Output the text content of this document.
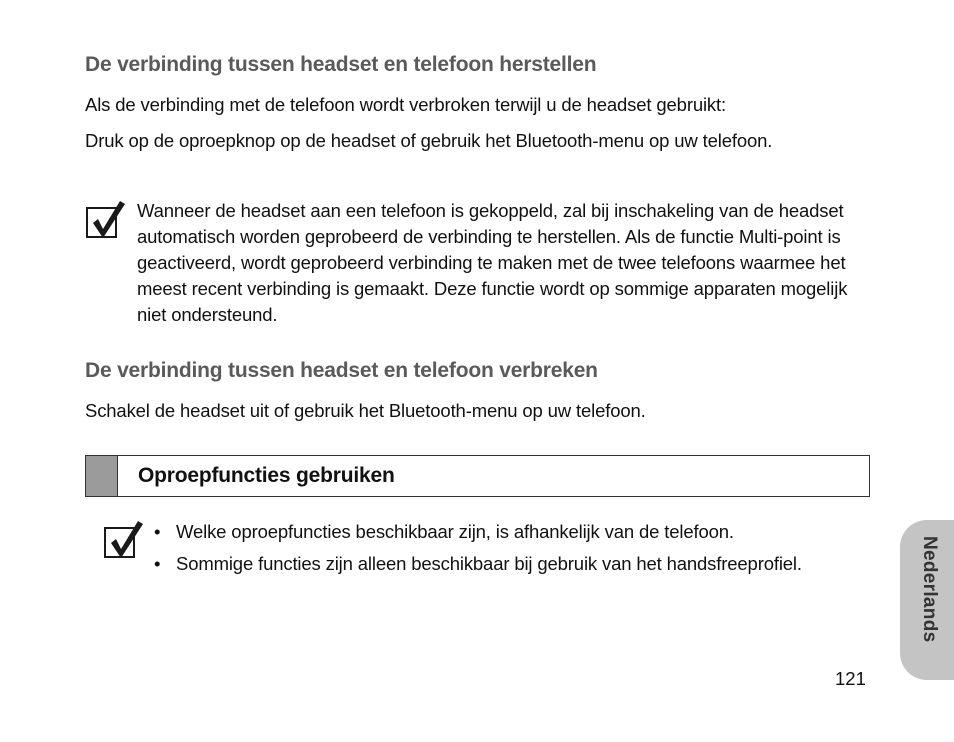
De verbinding tussen headset en telefoon herstellen
Als de verbinding met de telefoon wordt verbroken terwijl u de headset gebruikt:
Druk op de oproepknop op de headset of gebruik het Bluetooth-menu op uw telefoon.
Wanneer de headset aan een telefoon is gekoppeld, zal bij inschakeling van de headset automatisch worden geprobeerd de verbinding te herstellen. Als de functie Multi-point is geactiveerd, wordt geprobeerd verbinding te maken met de twee telefoons waarmee het meest recent verbinding is gemaakt. Deze functie wordt op sommige apparaten mogelijk niet ondersteund.
De verbinding tussen headset en telefoon verbreken
Schakel de headset uit of gebruik het Bluetooth-menu op uw telefoon.
Oproepfuncties gebruiken
• Welke oproepfuncties beschikbaar zijn, is afhankelijk van de telefoon.
• Sommige functies zijn alleen beschikbaar bij gebruik van het handsfreeprofiel.	Nederlands
121
